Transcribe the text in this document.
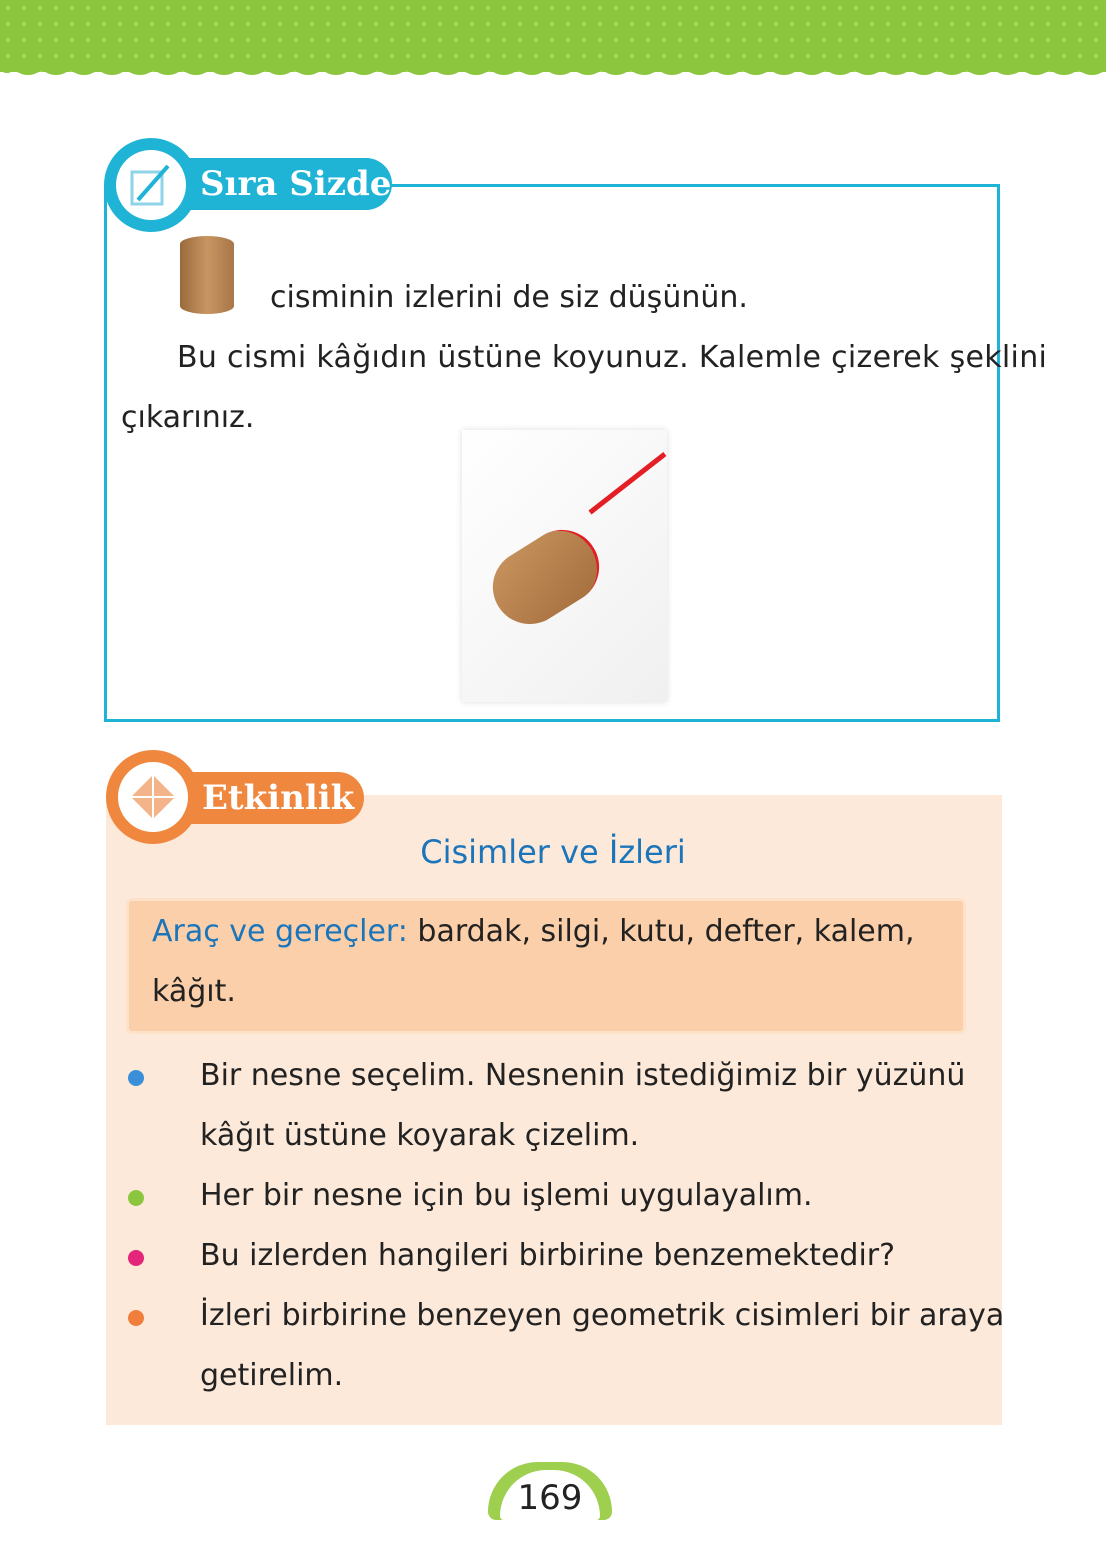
Sıra Sizde
cisminin izlerini de siz düşünün.
Bu cismi kâğıdın üstüne koyunuz. Kalemle çizerek şeklini
çıkarınız.
Etkinlik
Cisimler ve İzleri
Araç ve gereçler: bardak, silgi, kutu, defter, kalem,
kâğıt.
Bir nesne seçelim. Nesnenin istediğimiz bir yüzünü
kâğıt üstüne koyarak çizelim.
Her bir nesne için bu işlemi uygulayalım.
Bu izlerden hangileri birbirine benzemektedir?
İzleri birbirine benzeyen geometrik cisimleri bir araya
getirelim.
169
